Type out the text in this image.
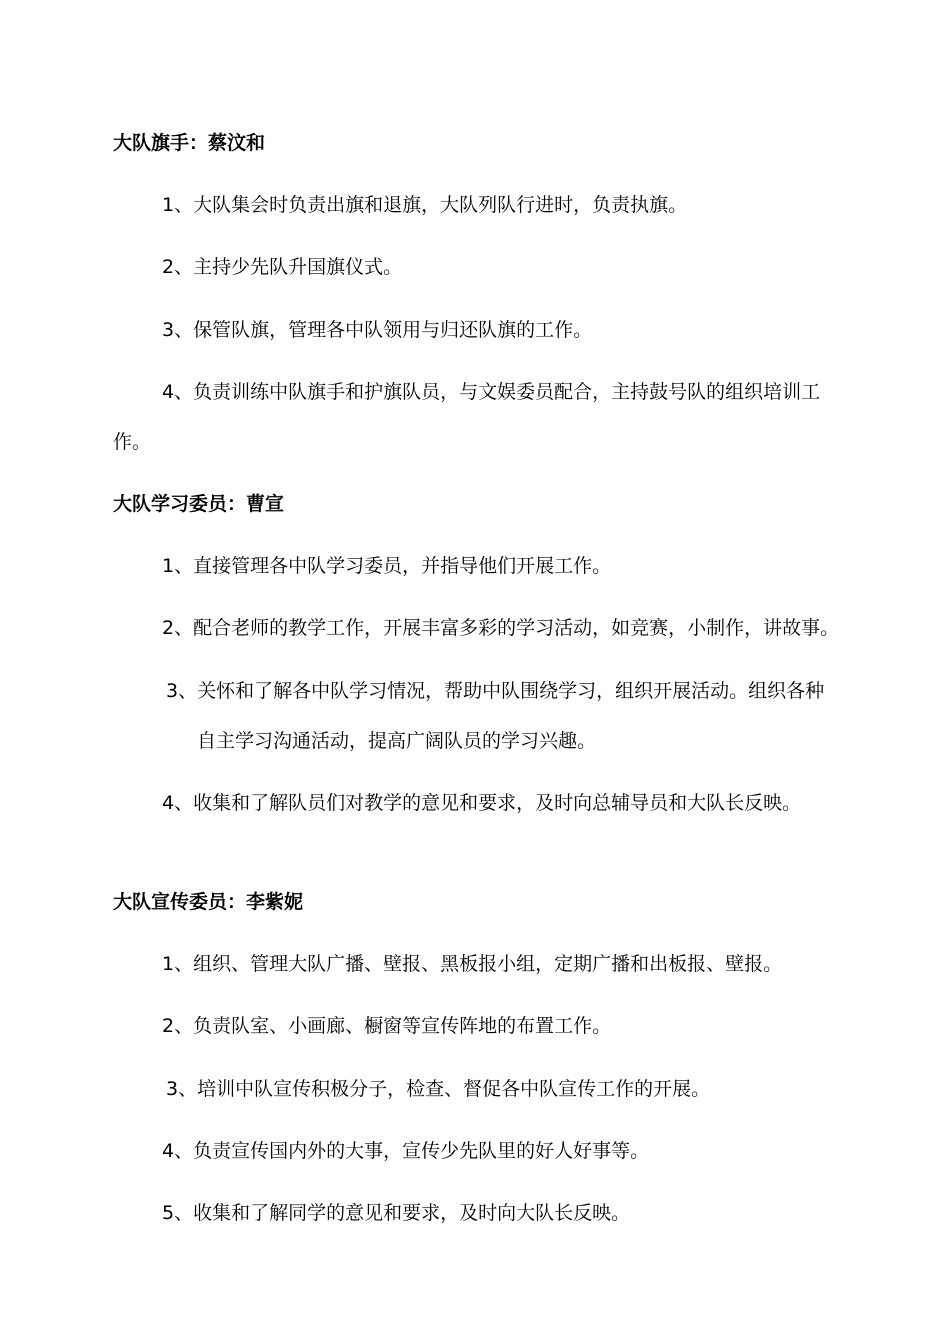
大队旗手：蔡汶和
1、大队集会时负责出旗和退旗，大队列队行进时，负责执旗。
2、主持少先队升国旗仪式。
3、保管队旗，管理各中队领用与归还队旗的工作。
4、负责训练中队旗手和护旗队员，与文娱委员配合，主持鼓号队的组织培训工
作。
大队学习委员：曹宣
1、直接管理各中队学习委员，并指导他们开展工作。
2、配合老师的教学工作，开展丰富多彩的学习活动，如竞赛，小制作，讲故事。
3、关怀和了解各中队学习情况，帮助中队围绕学习，组织开展活动。组织各种
自主学习沟通活动，提高广阔队员的学习兴趣。
4、收集和了解队员们对教学的意见和要求，及时向总辅导员和大队长反映。
大队宣传委员：李紫妮
1、组织、管理大队广播、壁报、黑板报小组，定期广播和出板报、壁报。
2、负责队室、小画廊、橱窗等宣传阵地的布置工作。
3、培训中队宣传积极分子，检查、督促各中队宣传工作的开展。
4、负责宣传国内外的大事，宣传少先队里的好人好事等。
5、收集和了解同学的意见和要求，及时向大队长反映。
